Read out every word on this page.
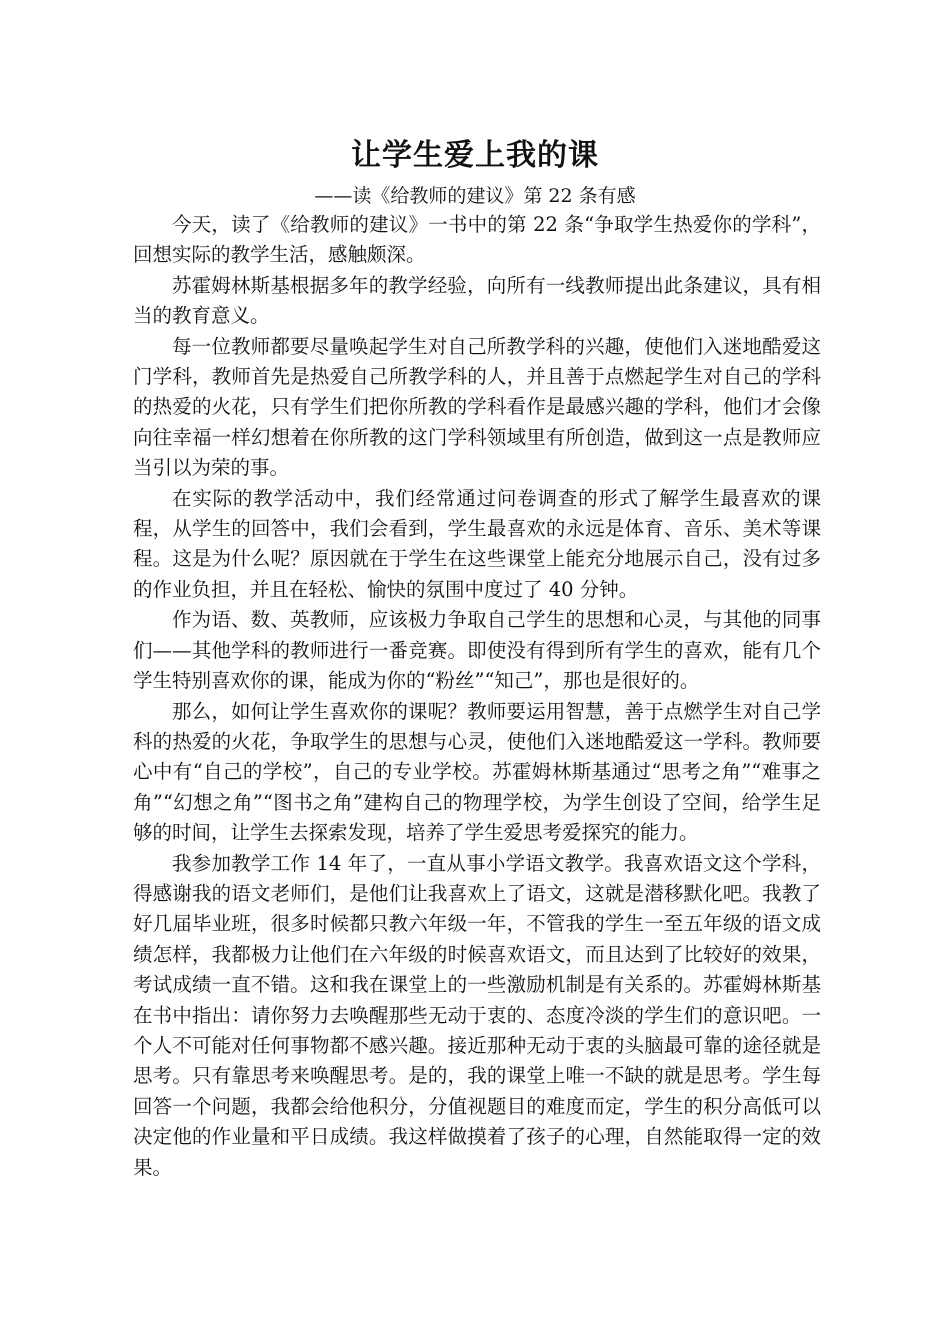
让学生爱上我的课
——读《给教师的建议》第 22 条有感

今天，读了《给教师的建议》一书中的第 22 条“争取学生热爱你的学科”，回想实际的教学生活，感触颇深。

苏霍姆林斯基根据多年的教学经验，向所有一线教师提出此条建议，具有相当的教育意义。

每一位教师都要尽量唤起学生对自己所教学科的兴趣，使他们入迷地酷爱这门学科，教师首先是热爱自己所教学科的人，并且善于点燃起学生对自己的学科的热爱的火花，只有学生们把你所教的学科看作是最感兴趣的学科，他们才会像向往幸福一样幻想着在你所教的这门学科领域里有所创造，做到这一点是教师应当引以为荣的事。

在实际的教学活动中，我们经常通过问卷调查的形式了解学生最喜欢的课程，从学生的回答中，我们会看到，学生最喜欢的永远是体育、音乐、美术等课程。这是为什么呢？原因就在于学生在这些课堂上能充分地展示自己，没有过多的作业负担，并且在轻松、愉快的氛围中度过了 40 分钟。

作为语、数、英教师，应该极力争取自己学生的思想和心灵，与其他的同事们——其他学科的教师进行一番竞赛。即使没有得到所有学生的喜欢，能有几个学生特别喜欢你的课，能成为你的“粉丝”“知己”，那也是很好的。

那么，如何让学生喜欢你的课呢？教师要运用智慧，善于点燃学生对自己学科的热爱的火花，争取学生的思想与心灵，使他们入迷地酷爱这一学科。教师要心中有“自己的学校”，自己的专业学校。苏霍姆林斯基通过“思考之角”“难事之角”“幻想之角”“图书之角”建构自己的物理学校，为学生创设了空间，给学生足够的时间，让学生去探索发现，培养了学生爱思考爱探究的能力。

我参加教学工作 14 年了，一直从事小学语文教学。我喜欢语文这个学科，得感谢我的语文老师们，是他们让我喜欢上了语文，这就是潜移默化吧。我教了好几届毕业班，很多时候都只教六年级一年，不管我的学生一至五年级的语文成绩怎样，我都极力让他们在六年级的时候喜欢语文，而且达到了比较好的效果，考试成绩一直不错。这和我在课堂上的一些激励机制是有关系的。苏霍姆林斯基在书中指出：请你努力去唤醒那些无动于衷的、态度冷淡的学生们的意识吧。一个人不可能对任何事物都不感兴趣。接近那种无动于衷的头脑最可靠的途径就是思考。只有靠思考来唤醒思考。是的，我的课堂上唯一不缺的就是思考。学生每回答一个问题，我都会给他积分，分值视题目的难度而定，学生的积分高低可以决定他的作业量和平日成绩。我这样做摸着了孩子的心理，自然能取得一定的效果。
